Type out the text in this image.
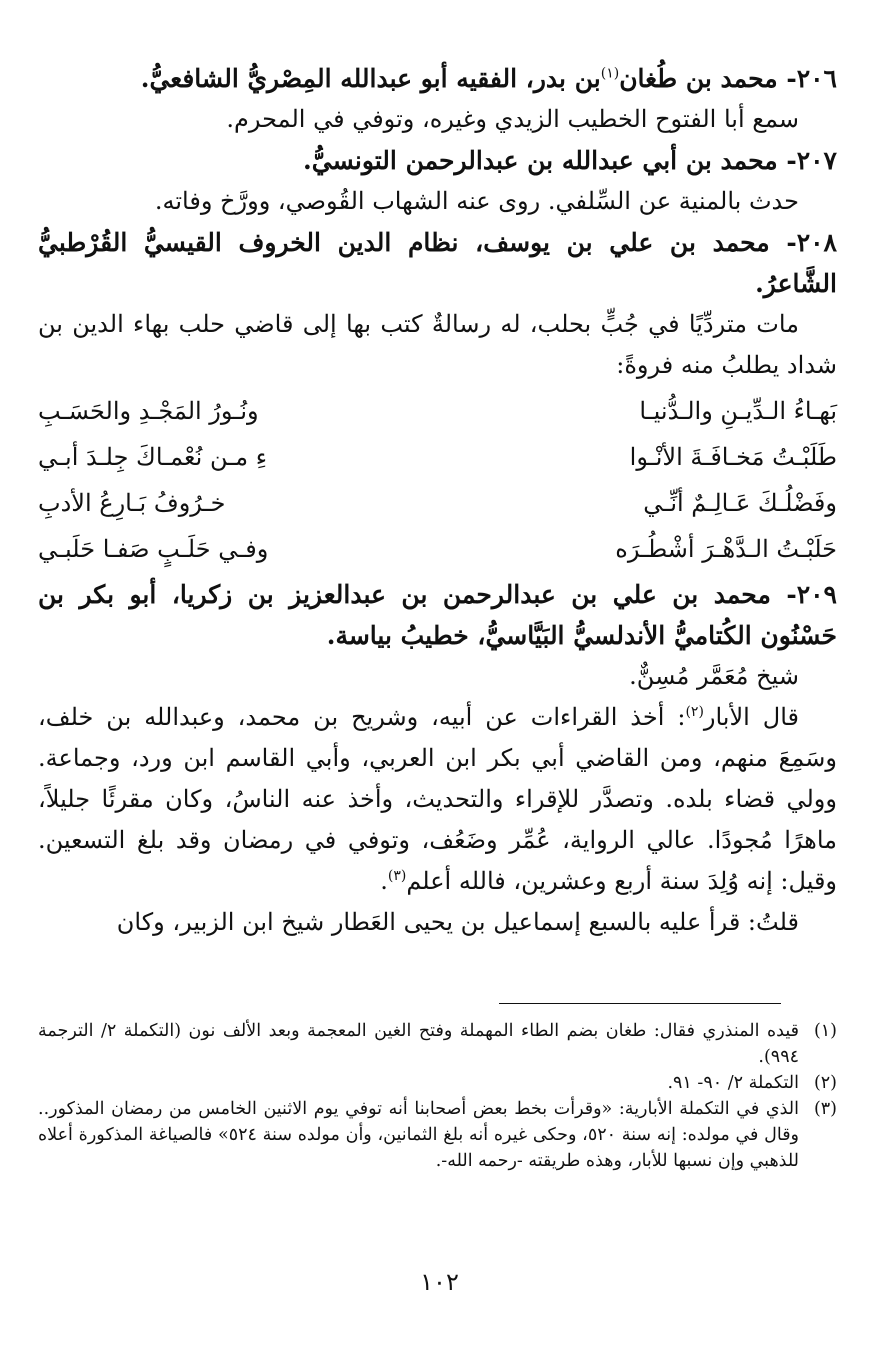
٢٠٦- محمد بن طُغان$^{(١)}$بن بدر، الفقيه أبو عبدالله المِصْريُّ الشافعيُّ.

سمع أبا الفتوح الخطيب الزيدي وغيره، وتوفي في المحرم.

٢٠٧- محمد بن أبي عبدالله بن عبدالرحمن التونسيُّ.

حدث بالمنية عن السِّلفي. روى عنه الشهاب القُوصي، وورَّخ وفاته.

٢٠٨- محمد بن علي بن يوسف، نظام الدين الخروف القيسيُّ القُرْطبيُّ الشَّاعرُ.

مات متردِّيًا في جُبٍّ بحلب، له رسالةٌ كتب بها إلى قاضي حلب بهاء الدين بن شداد يطلبُ منه فروةً:

بَهـاءُ الـدِّيـنِ والـدُّنيـا
ونُـورُ المَجْـدِ والحَسَـبِ
طَلَبْـتُ مَخـافَـةَ الأنْـوا
ءِ مـن نُعْمـاكَ جِلـدَ أبـي
وفَضْلُـكَ عَـالِـمٌ أنِّـي
خـرُوفُ بَـارِعُ الأدبِ
حَلَبْـتُ الـدَّهْـرَ أشْطُـرَه
وفـي حَلَـبٍ صَفـا حَلَبـي

٢٠٩- محمد بن علي بن عبدالرحمن بن عبدالعزيز بن زكريا، أبو بكر بن حَسْنُون الكُتاميُّ الأندلسيُّ البَيَّاسيُّ، خطيبُ بياسة.

شيخ مُعَمَّر مُسِنٌّ.

قال الأبار$^{(٢)}$: أخذ القراءات عن أبيه، وشريح بن محمد، وعبدالله بن خلف، وسَمِعَ منهم، ومن القاضي أبي بكر ابن العربي، وأبي القاسم ابن ورد، وجماعة. وولي قضاء بلده. وتصدَّر للإقراء والتحديث، وأخذ عنه الناسُ، وكان مقرئًا جليلاً، ماهرًا مُجودًا. عالي الرواية، عُمِّر وضَعُف، وتوفي في رمضان وقد بلغ التسعين. وقيل: إنه وُلِدَ سنة أربع وعشرين، فالله أعلم$^{(٣)}$.

قلتُ: قرأ عليه بالسبع إسماعيل بن يحيى العَطار شيخ ابن الزبير، وكان

(١)
قيده المنذري فقال: طغان بضم الطاء المهملة وفتح الغين المعجمة وبعد الألف نون (التكملة ٢/ الترجمة ٩٩٤).
(٢)
التكملة ٢/ ٩٠- ٩١.
(٣)
الذي في التكملة الأبارية: «وقرأت بخط بعض أصحابنا أنه توفي يوم الاثنين الخامس من رمضان المذكور.. وقال في مولده: إنه سنة ٥٢٠، وحكى غيره أنه بلغ الثمانين، وأن مولده سنة ٥٢٤» فالصياغة المذكورة أعلاه للذهبي وإن نسبها للأبار، وهذه طريقته -رحمه الله-.
١٠٢
